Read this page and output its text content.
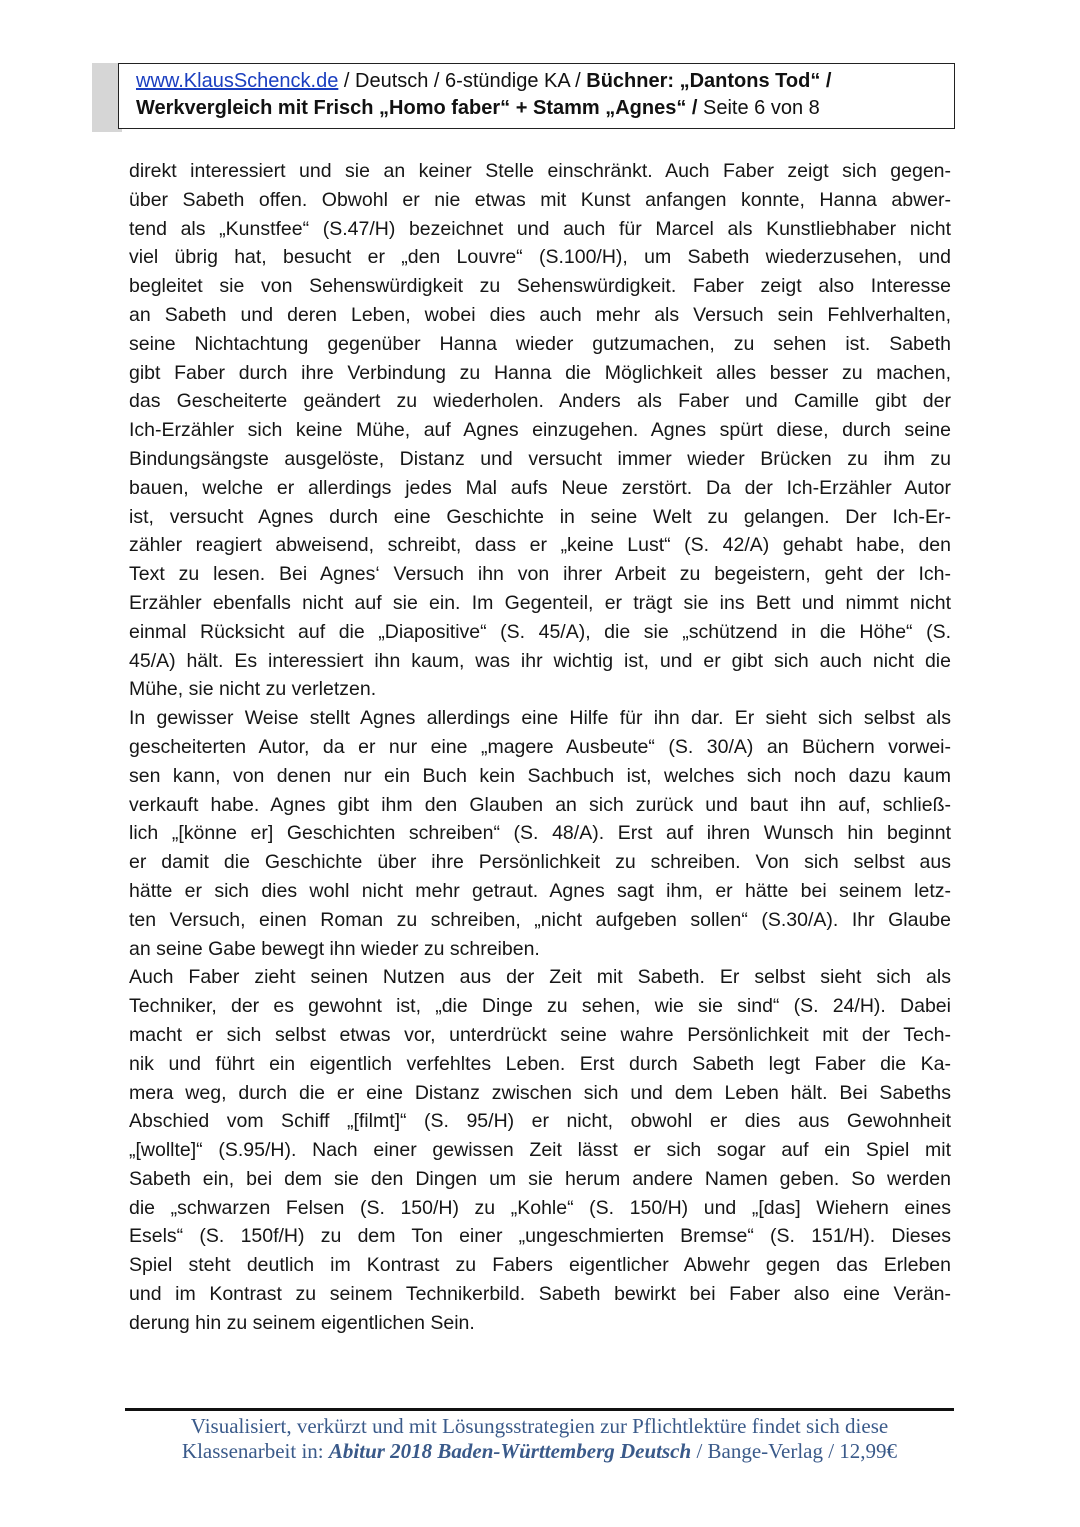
www.KlausSchenck.de / Deutsch / 6-stündige KA / Büchner: „Dantons Tod“ /
Werkvergleich mit Frisch „Homo faber“ + Stamm „Agnes“ / Seite 6 von 8
direkt interessiert und sie an keiner Stelle einschränkt. Auch Faber zeigt sich gegen-
über Sabeth offen. Obwohl er nie etwas mit Kunst anfangen konnte, Hanna abwer-
tend als „Kunstfee“ (S.47/H) bezeichnet und auch für Marcel als Kunstliebhaber nicht
viel übrig hat, besucht er „den Louvre“ (S.100/H), um Sabeth wiederzusehen, und
begleitet sie von Sehenswürdigkeit zu Sehenswürdigkeit. Faber zeigt also Interesse
an Sabeth und deren Leben, wobei dies auch mehr als Versuch sein Fehlverhalten,
seine Nichtachtung gegenüber Hanna wieder gutzumachen, zu sehen ist. Sabeth
gibt Faber durch ihre Verbindung zu Hanna die Möglichkeit alles besser zu machen,
das Gescheiterte geändert zu wiederholen. Anders als Faber und Camille gibt der
Ich-Erzähler sich keine Mühe, auf Agnes einzugehen. Agnes spürt diese, durch seine
Bindungsängste ausgelöste, Distanz und versucht immer wieder Brücken zu ihm zu
bauen, welche er allerdings jedes Mal aufs Neue zerstört. Da der Ich-Erzähler Autor
ist, versucht Agnes durch eine Geschichte in seine Welt zu gelangen. Der Ich-Er-
zähler reagiert abweisend, schreibt, dass er „keine Lust“ (S. 42/A) gehabt habe, den
Text zu lesen. Bei Agnes‘ Versuch ihn von ihrer Arbeit zu begeistern, geht der Ich-
Erzähler ebenfalls nicht auf sie ein. Im Gegenteil, er trägt sie ins Bett und nimmt nicht
einmal Rücksicht auf die „Diapositive“ (S. 45/A), die sie „schützend in die Höhe“ (S.
45/A) hält. Es interessiert ihn kaum, was ihr wichtig ist, und er gibt sich auch nicht die
Mühe, sie nicht zu verletzen.
In gewisser Weise stellt Agnes allerdings eine Hilfe für ihn dar. Er sieht sich selbst als
gescheiterten Autor, da er nur eine „magere Ausbeute“ (S. 30/A) an Büchern vorwei-
sen kann, von denen nur ein Buch kein Sachbuch ist, welches sich noch dazu kaum
verkauft habe. Agnes gibt ihm den Glauben an sich zurück und baut ihn auf, schließ-
lich „[könne er] Geschichten schreiben“ (S. 48/A). Erst auf ihren Wunsch hin beginnt
er damit die Geschichte über ihre Persönlichkeit zu schreiben. Von sich selbst aus
hätte er sich dies wohl nicht mehr getraut. Agnes sagt ihm, er hätte bei seinem letz-
ten Versuch, einen Roman zu schreiben, „nicht aufgeben sollen“ (S.30/A). Ihr Glaube
an seine Gabe bewegt ihn wieder zu schreiben.
Auch Faber zieht seinen Nutzen aus der Zeit mit Sabeth. Er selbst sieht sich als
Techniker, der es gewohnt ist, „die Dinge zu sehen, wie sie sind“ (S. 24/H). Dabei
macht er sich selbst etwas vor, unterdrückt seine wahre Persönlichkeit mit der Tech-
nik und führt ein eigentlich verfehltes Leben. Erst durch Sabeth legt Faber die Ka-
mera weg, durch die er eine Distanz zwischen sich und dem Leben hält. Bei Sabeths
Abschied vom Schiff „[filmt]“ (S. 95/H) er nicht, obwohl er dies aus Gewohnheit
„[wollte]“ (S.95/H). Nach einer gewissen Zeit lässt er sich sogar auf ein Spiel mit
Sabeth ein, bei dem sie den Dingen um sie herum andere Namen geben. So werden
die „schwarzen Felsen (S. 150/H) zu „Kohle“ (S. 150/H) und „[das] Wiehern eines
Esels“ (S. 150f/H) zu dem Ton einer „ungeschmierten Bremse“ (S. 151/H). Dieses
Spiel steht deutlich im Kontrast zu Fabers eigentlicher Abwehr gegen das Erleben
und im Kontrast zu seinem Technikerbild. Sabeth bewirkt bei Faber also eine Verän-
derung hin zu seinem eigentlichen Sein.
Visualisiert, verkürzt und mit Lösungsstrategien zur Pflichtlektüre findet sich diese
Klassenarbeit in: Abitur 2018 Baden-Württemberg Deutsch / Bange-Verlag / 12,99€
